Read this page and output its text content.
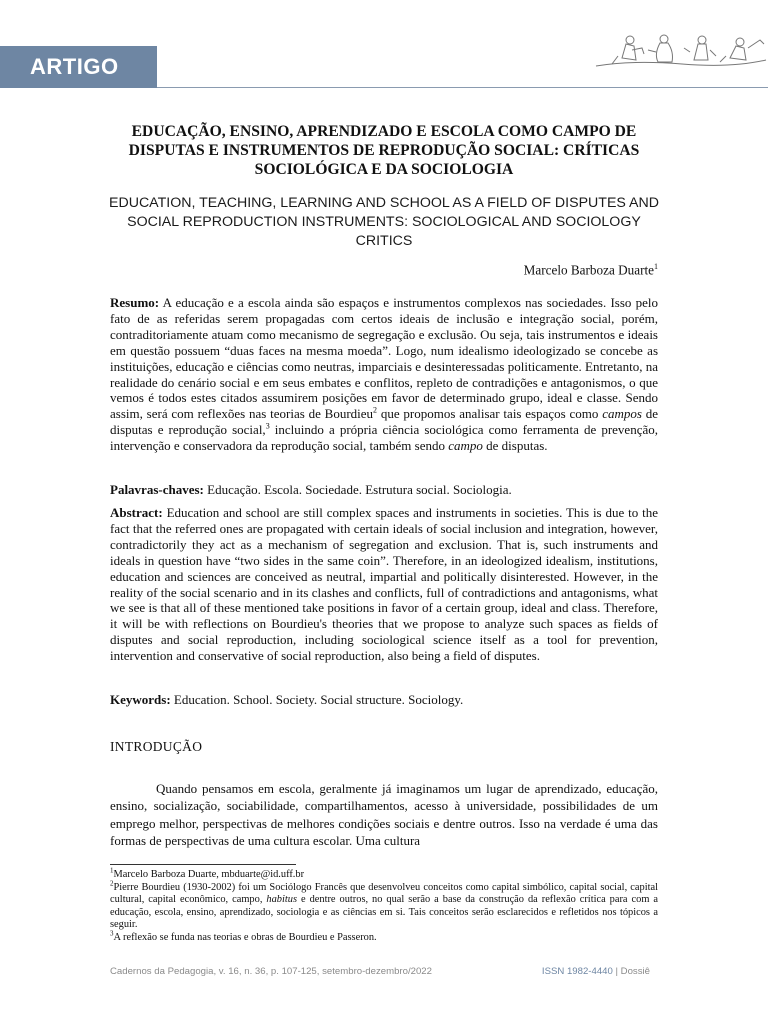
ARTIGO
EDUCAÇÃO, ENSINO, APRENDIZADO E ESCOLA COMO CAMPO DE DISPUTAS E INSTRUMENTOS DE REPRODUÇÃO SOCIAL: CRÍTICAS SOCIOLÓGICA E DA SOCIOLOGIA
EDUCATION, TEACHING, LEARNING AND SCHOOL AS A FIELD OF DISPUTES AND SOCIAL REPRODUCTION INSTRUMENTS: SOCIOLOGICAL AND SOCIOLOGY CRITICS
Marcelo Barboza Duarte$^1$
Resumo: A educação e a escola ainda são espaços e instrumentos complexos nas sociedades. Isso pelo fato de as referidas serem propagadas com certos ideais de inclusão e integração social, porém, contraditoriamente atuam como mecanismo de segregação e exclusão. Ou seja, tais instrumentos e ideais em questão possuem “duas faces na mesma moeda”. Logo, num idealismo ideologizado se concebe as instituições, educação e ciências como neutras, imparciais e desinteressadas politicamente. Entretanto, na realidade do cenário social e em seus embates e conflitos, repleto de contradições e antagonismos, o que vemos é todos estes citados assumirem posições em favor de determinado grupo, ideal e classe. Sendo assim, será com reflexões nas teorias de Bourdieu$^2$ que propomos analisar tais espaços como campos de disputas e reprodução social,$^3$ incluindo a própria ciência sociológica como ferramenta de prevenção, intervenção e conservadora da reprodução social, também sendo campo de disputas.
Palavras-chaves: Educação. Escola. Sociedade. Estrutura social. Sociologia.
Abstract: Education and school are still complex spaces and instruments in societies. This is due to the fact that the referred ones are propagated with certain ideals of social inclusion and integration, however, contradictorily they act as a mechanism of segregation and exclusion. That is, such instruments and ideals in question have “two sides in the same coin”. Therefore, in an ideologized idealism, institutions, education and sciences are conceived as neutral, impartial and politically disinterested. However, in the reality of the social scenario and in its clashes and conflicts, full of contradictions and antagonisms, what we see is that all of these mentioned take positions in favor of a certain group, ideal and class. Therefore, it will be with reflections on Bourdieu's theories that we propose to analyze such spaces as fields of disputes and social reproduction, including sociological science itself as a tool for prevention, intervention and conservative of social reproduction, also being a field of disputes.
Keywords: Education. School. Society. Social structure. Sociology.
INTRODUÇÃO
Quando pensamos em escola, geralmente já imaginamos um lugar de aprendizado, educação, ensino, socialização, sociabilidade, compartilhamentos, acesso à universidade, possibilidades de um emprego melhor, perspectivas de melhores condições sociais e dentre outros. Isso na verdade é uma das formas de perspectivas de uma cultura escolar. Uma cultura

$^1$Marcelo Barboza Duarte, mbduarte@id.uff.br

$^2$Pierre Bourdieu (1930-2002) foi um Sociólogo Francês que desenvolveu conceitos como capital simbólico, capital social, capital cultural, capital econômico, campo, habitus e dentre outros, no qual serão a base da construção da reflexão crítica para com a educação, escola, ensino, aprendizado, sociologia e as ciências em si. Tais conceitos serão esclarecidos e refletidos nos tópicos a seguir.

$^3$A reflexão se funda nas teorias e obras de Bourdieu e Passeron.

Cadernos da Pedagogia, v. 16, n. 36, p. 107-125, setembro-dezembro/2022	ISSN 1982-4440 | Dossiê
